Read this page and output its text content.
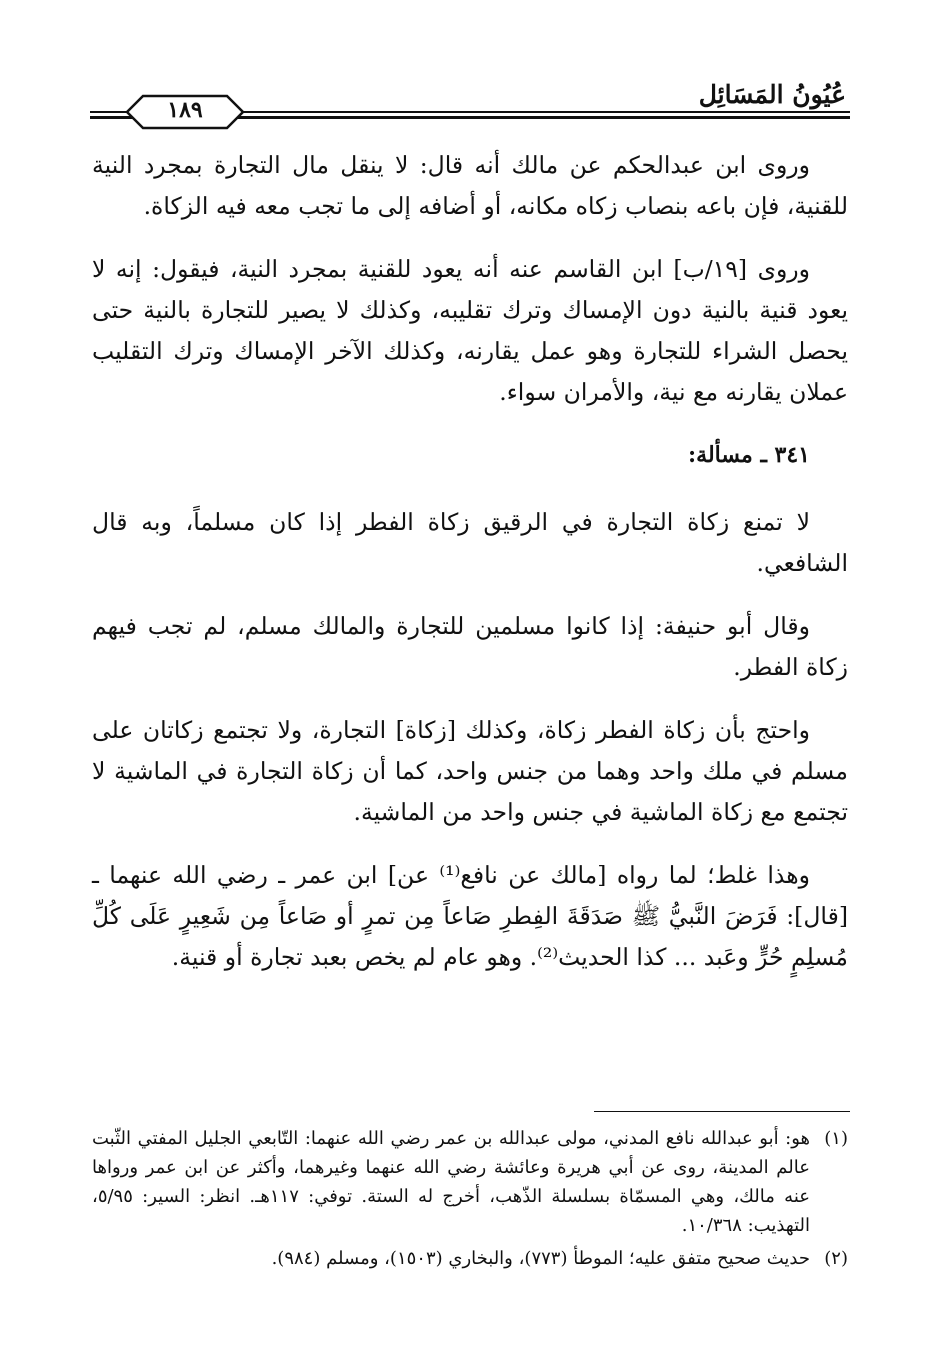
عُيُونُ المَسَائِل
١٨٩

وروى ابن عبدالحكم عن مالك أنه قال: لا ينقل مال التجارة بمجرد النية للقنية، فإن باعه بنصاب زكاه مكانه، أو أضافه إلى ما تجب معه فيه الزكاة.

وروى [١٩/ب] ابن القاسم عنه أنه يعود للقنية بمجرد النية، فيقول: إنه لا يعود قنية بالنية دون الإمساك وترك تقليبه، وكذلك لا يصير للتجارة بالنية حتى يحصل الشراء للتجارة وهو عمل يقارنه، وكذلك الآخر الإمساك وترك التقليب عملان يقارنه مع نية، والأمران سواء.

٣٤١ ـ مسألة:

لا تمنع زكاة التجارة في الرقيق زكاة الفطر إذا كان مسلماً، وبه قال الشافعي.

وقال أبو حنيفة: إذا كانوا مسلمين للتجارة والمالك مسلم، لم تجب فيهم زكاة الفطر.

واحتج بأن زكاة الفطر زكاة، وكذلك [زكاة] التجارة، ولا تجتمع زكاتان على مسلم في ملك واحد وهما من جنس واحد، كما أن زكاة التجارة في الماشية لا تجتمع مع زكاة الماشية في جنس واحد من الماشية.

وهذا غلط؛ لما رواه [مالك عن نافع⁽¹⁾ عن] ابن عمر ـ رضي الله عنهما ـ [قال]: فَرَضَ النَّبيُّ ﷺ صَدَقَةَ الفِطرِ صَاعاً مِن تمرٍ أو صَاعاً مِن شَعِيرٍ عَلَى كُلِّ مُسلِمٍ حُرٍّ وعَبد ... كذا الحديث⁽²⁾. وهو عام لم يخص بعبد تجارة أو قنية.

(١)
هو: أبو عبدالله نافع المدني، مولى عبدالله بن عمر رضي الله عنهما: التّابعي الجليل المفتي الثّبت عالم المدينة، روى عن أبي هريرة وعائشة رضي الله عنهما وغيرهما، وأكثر عن ابن عمر ورواها عنه مالك، وهي المسمّاة بسلسلة الذّهب، أخرج له الستة. توفي: ١١٧هـ. انظر: السير: ٥/٩٥، التهذيب: ١٠/٣٦٨.
(٢)
حديث صحيح متفق عليه؛ الموطأ (٧٧٣)، والبخاري (١٥٠٣)، ومسلم (٩٨٤).
